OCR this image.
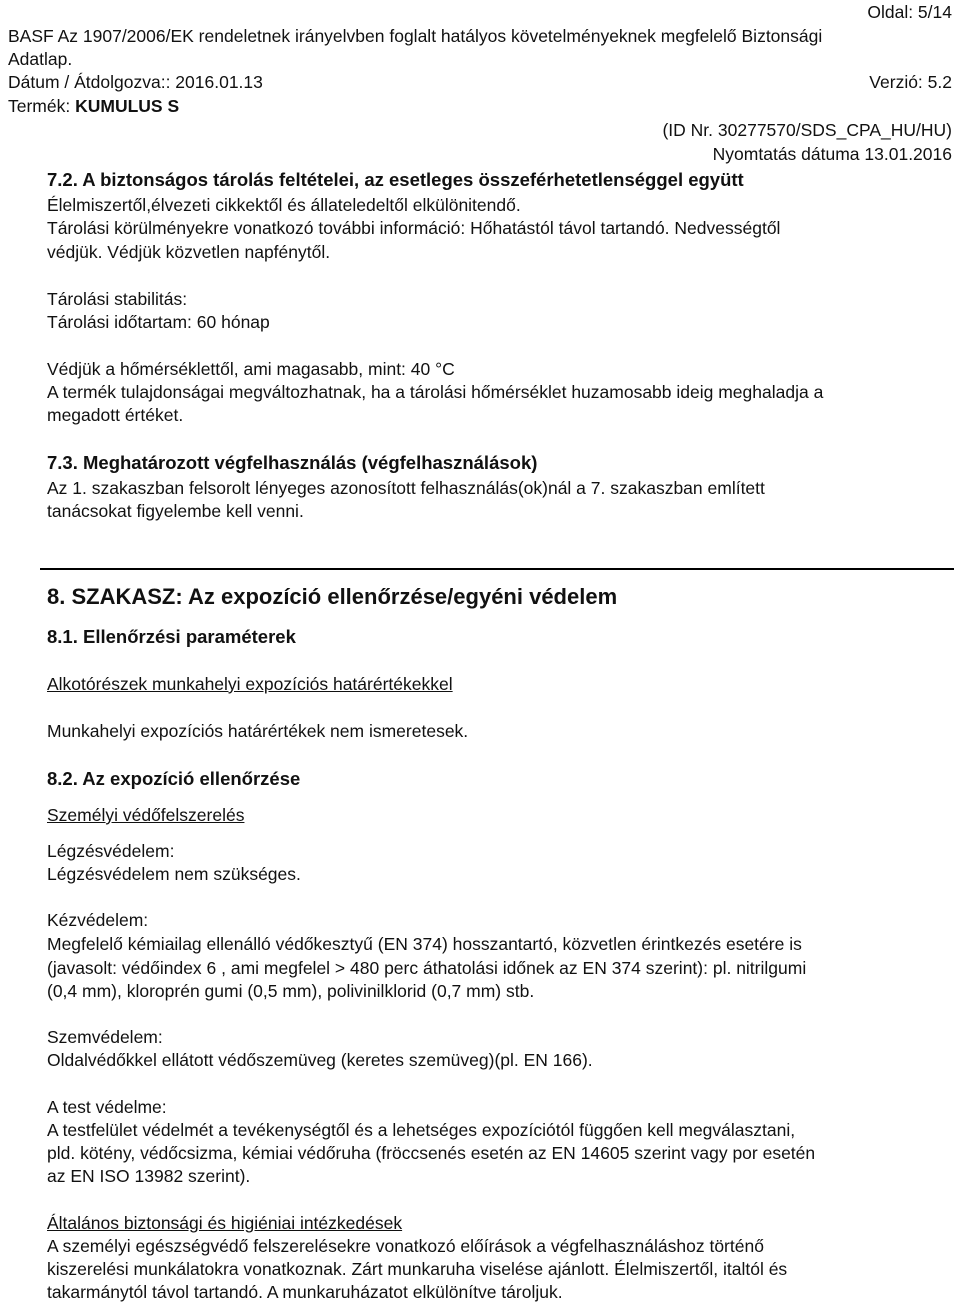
Oldal: 5/14
BASF Az 1907/2006/EK rendeletnek irányelvben foglalt hatályos követelményeknek megfelelő Biztonsági
Adatlap.
Dátum / Átdolgozva:: 2016.01.13	Verzió: 5.2
Termék: KUMULUS S
(ID Nr. 30277570/SDS_CPA_HU/HU)
Nyomtatás dátuma 13.01.2016
7.2. A biztonságos tárolás feltételei, az esetleges összeférhetetlenséggel együtt
Élelmiszertől,élvezeti cikkektől és állateledeltől elkülönitendő.
Tárolási körülményekre vonatkozó további információ: Hőhatástól távol tartandó. Nedvességtől
védjük. Védjük közvetlen napfénytől.
Tárolási stabilitás:
Tárolási időtartam: 60 hónap
Védjük a hőmérséklettől, ami magasabb, mint: 40 °C
A termék tulajdonságai megváltozhatnak, ha a tárolási hőmérséklet huzamosabb ideig meghaladja a
megadott értéket.
7.3. Meghatározott végfelhasználás (végfelhasználások)
Az 1. szakaszban felsorolt lényeges azonosított felhasználás(ok)nál a 7. szakaszban említett
tanácsokat figyelembe kell venni.
8. SZAKASZ: Az expozíció ellenőrzése/egyéni védelem
8.1. Ellenőrzési paraméterek
Alkotórészek munkahelyi expozíciós határértékekkel
Munkahelyi expozíciós határértékek nem ismeretesek.
8.2. Az expozíció ellenőrzése
Személyi védőfelszerelés
Légzésvédelem:
Légzésvédelem nem szükséges.
Kézvédelem:
Megfelelő kémiailag ellenálló védőkesztyű (EN 374) hosszantartó, közvetlen érintkezés esetére is
(javasolt: védőindex 6 , ami megfelel > 480 perc áthatolási időnek az EN 374 szerint): pl. nitrilgumi
(0,4 mm), kloroprén gumi (0,5 mm), polivinilklorid (0,7 mm) stb.
Szemvédelem:
Oldalvédőkkel ellátott védőszemüveg (keretes szemüveg)(pl. EN 166).
A test védelme:
A testfelület védelmét a tevékenységtől és a lehetséges expozíciótól függően kell megválasztani,
pld. kötény, védőcsizma, kémiai védőruha (fröccsenés esetén az EN 14605 szerint vagy por esetén
az EN ISO 13982 szerint).
Általános biztonsági és higiéniai intézkedések
A személyi egészségvédő felszerelésekre vonatkozó előírások a végfelhasználáshoz történő
kiszerelési munkálatokra vonatkoznak. Zárt munkaruha viselése ajánlott. Élelmiszertől, italtól és
takarmánytól távol tartandó. A munkaruházatot elkülönítve tároljuk.
